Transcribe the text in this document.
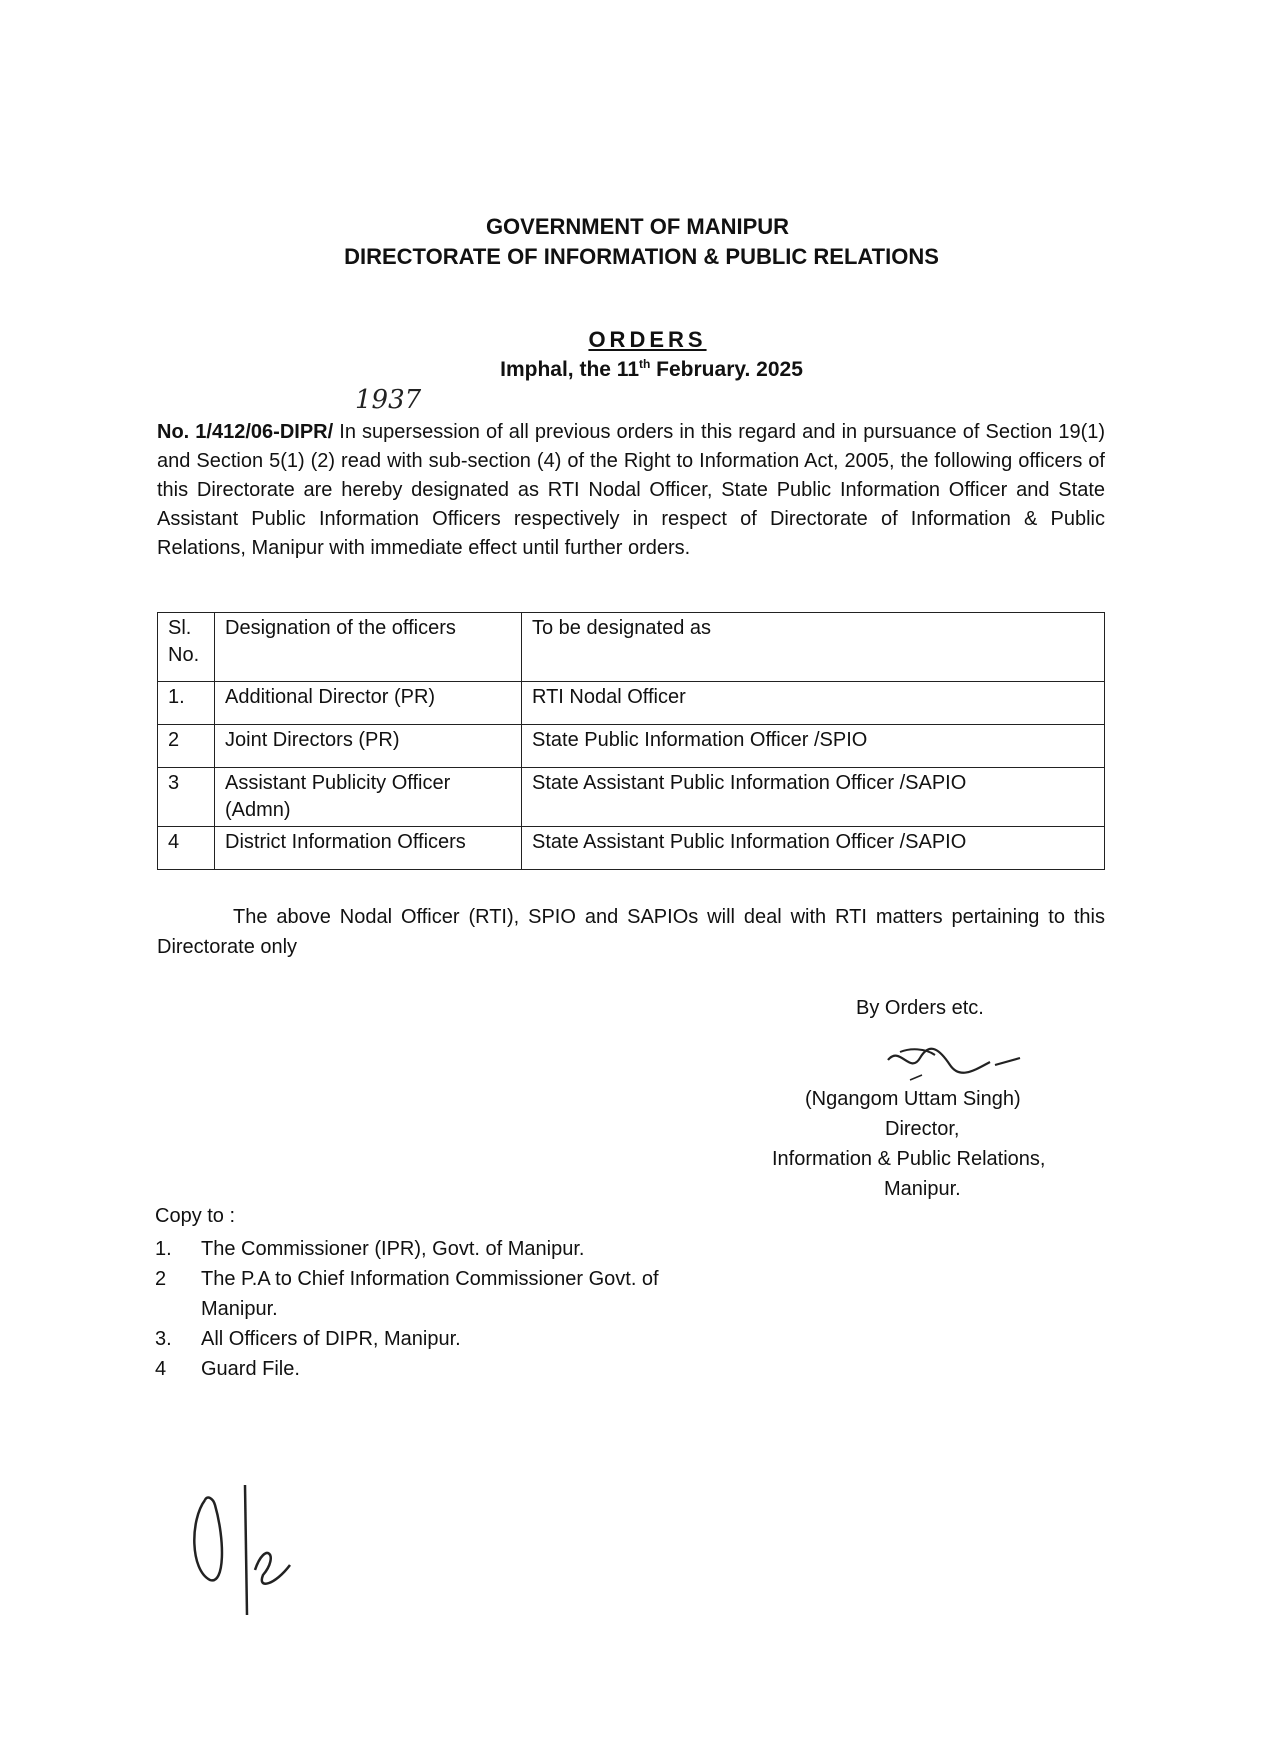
GOVERNMENT OF MANIPUR
DIRECTORATE OF INFORMATION & PUBLIC RELATIONS
ORDERS
Imphal, the 11th February. 2025
1937
No. 1/412/06-DIPR/ In supersession of all previous orders in this regard and in pursuance of Section 19(1) and Section 5(1) (2) read with sub-section (4) of the Right to Information Act, 2005, the following officers of this Directorate are hereby designated as RTI Nodal Officer, State Public Information Officer and State Assistant Public Information Officers respectively in respect of Directorate of Information & Public Relations, Manipur with immediate effect until further orders.
Sl. No.	Designation of the officers	To be designated as
1.	Additional Director (PR)	RTI Nodal Officer
2	Joint Directors (PR)	State Public Information Officer /SPIO
3	Assistant Publicity Officer (Admn)	State Assistant Public Information Officer /SAPIO
4	District Information Officers	State Assistant Public Information Officer /SAPIO
The above Nodal Officer (RTI), SPIO and SAPIOs will deal with RTI matters pertaining to this Directorate only
By Orders etc.
(Ngangom Uttam Singh)
Director,
Information & Public Relations,
Manipur.
Copy to :
1. The Commissioner (IPR), Govt. of Manipur.
2 The P.A to Chief Information Commissioner Govt. of Manipur.
3. All Officers of DIPR, Manipur.
4 Guard File.
